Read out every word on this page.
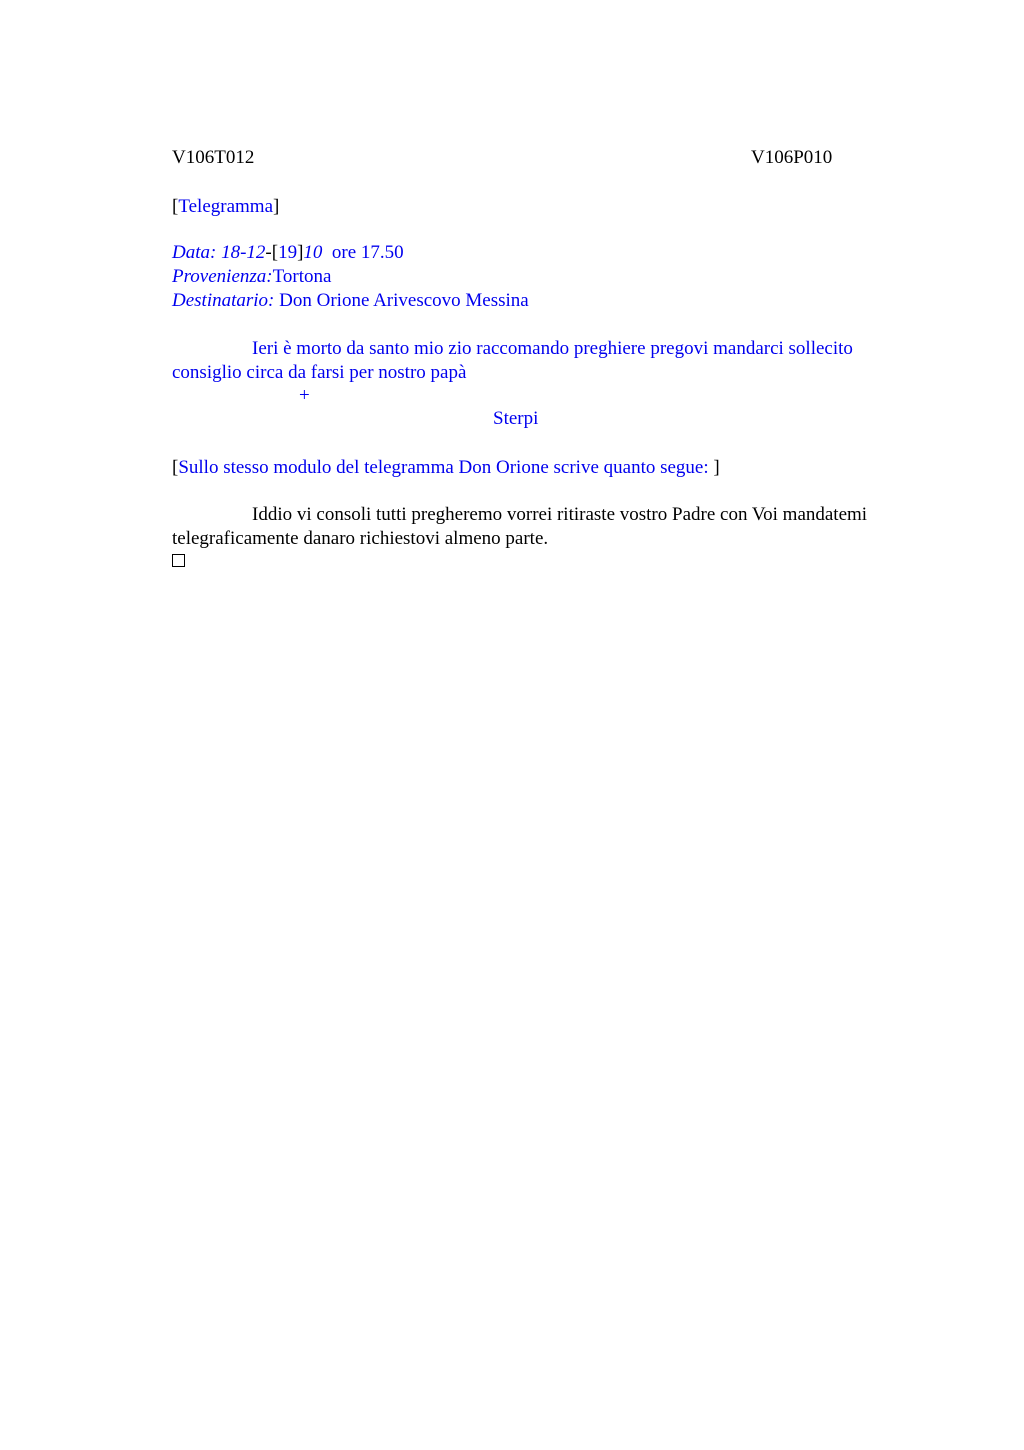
V106T012	V106P010
[Telegramma]
Data: 18-12-[19]10  ore 17.50
Provenienza:Tortona
Destinatario: Don Orione Arivescovo Messina
Ieri è morto da santo mio zio raccomando preghiere pregovi mandarci sollecito
consiglio circa da farsi per nostro papà
+
Sterpi
[Sullo stesso modulo del telegramma Don Orione scrive quanto segue: ]
Iddio vi consoli tutti pregheremo vorrei ritiraste vostro Padre con Voi mandatemi
telegraficamente danaro richiestovi almeno parte.
